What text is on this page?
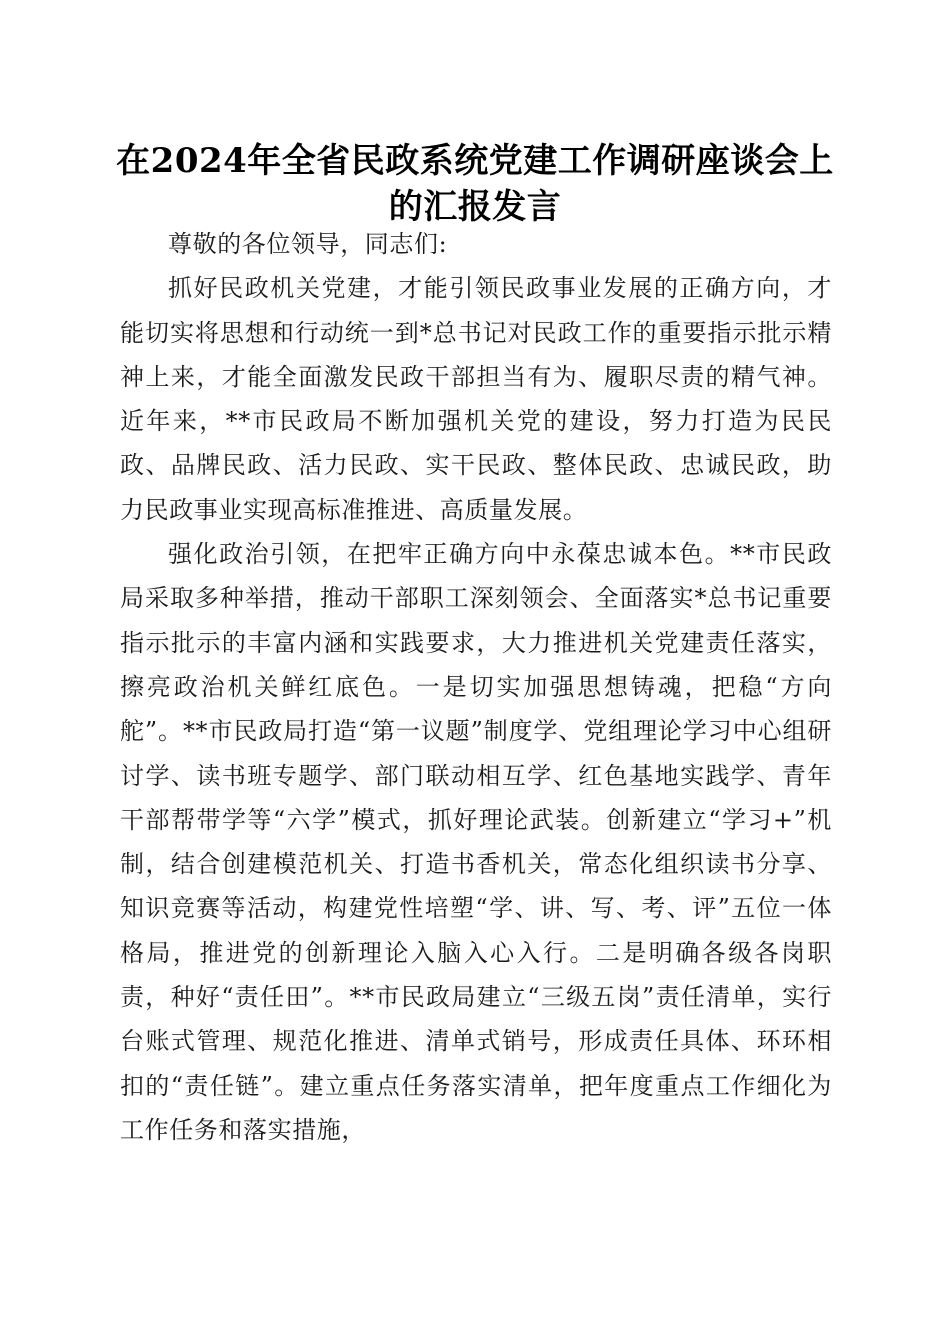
在2024年全省民政系统党建工作调研座谈会上的汇报发言

尊敬的各位领导，同志们:

抓好民政机关党建，才能引领民政事业发展的正确方向，才能切实将思想和行动统一到*总书记对民政工作的重要指示批示精神上来，才能全面激发民政干部担当有为、履职尽责的精气神。近年来，**市民政局不断加强机关党的建设，努力打造为民民政、品牌民政、活力民政、实干民政、整体民政、忠诚民政，助力民政事业实现高标准推进、高质量发展。

强化政治引领，在把牢正确方向中永葆忠诚本色。**市民政局采取多种举措，推动干部职工深刻领会、全面落实*总书记重要指示批示的丰富内涵和实践要求，大力推进机关党建责任落实，擦亮政治机关鲜红底色。一是切实加强思想铸魂，把稳“方向舵”。**市民政局打造“第一议题”制度学、党组理论学习中心组研讨学、读书班专题学、部门联动相互学、红色基地实践学、青年干部帮带学等“六学”模式，抓好理论武装。创新建立“学习+”机制，结合创建模范机关、打造书香机关，常态化组织读书分享、知识竞赛等活动，构建党性培塑“学、讲、写、考、评”五位一体格局，推进党的创新理论入脑入心入行。二是明确各级各岗职责，种好“责任田”。**市民政局建立“三级五岗”责任清单，实行台账式管理、规范化推进、清单式销号，形成责任具体、环环相扣的“责任链”。建立重点任务落实清单，把年度重点工作细化为工作任务和落实措施，
